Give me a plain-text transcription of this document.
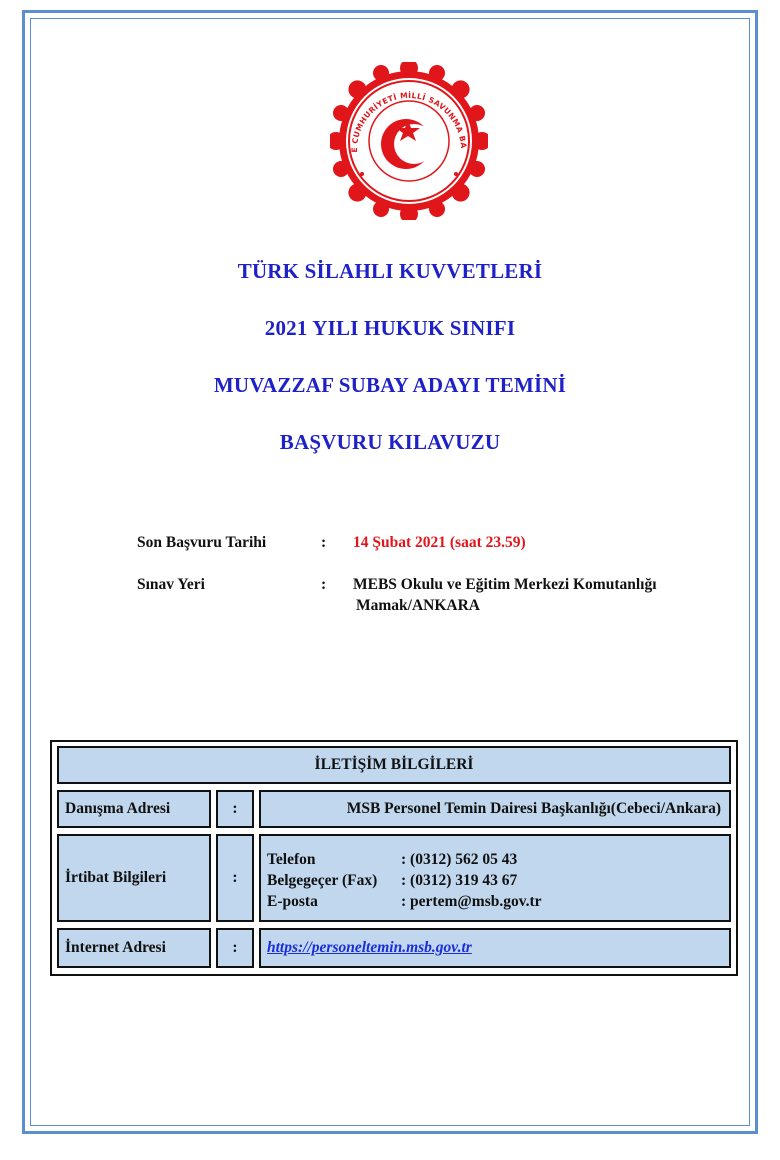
E CUMHURİYETİ MİLLÎ SAVUNMA BA
TÜRK SİLAHLI KUVVETLERİ
2021 YILI HUKUK SINIFI
MUVAZZAF SUBAY ADAYI TEMİNİ
BAŞVURU KILAVUZU
Son Başvuru Tarihi	: 14 Şubat 2021 (saat 23.59)
Sınav Yeri	: MEBS Okulu ve Eğitim Merkezi Komutanlığı
Mamak/ANKARA
İLETİŞİM BİLGİLERİ
Danışma Adresi	:	MSB Personel Temin Dairesi Başkanlığı(Cebeci/Ankara)
İrtibat Bilgileri	:
Telefon	: (0312) 562 05 43
Belgegeçer (Fax) : (0312) 319 43 67
E-posta	: pertem@msb.gov.tr
İnternet Adresi	:	https://personeltemin.msb.gov.tr
